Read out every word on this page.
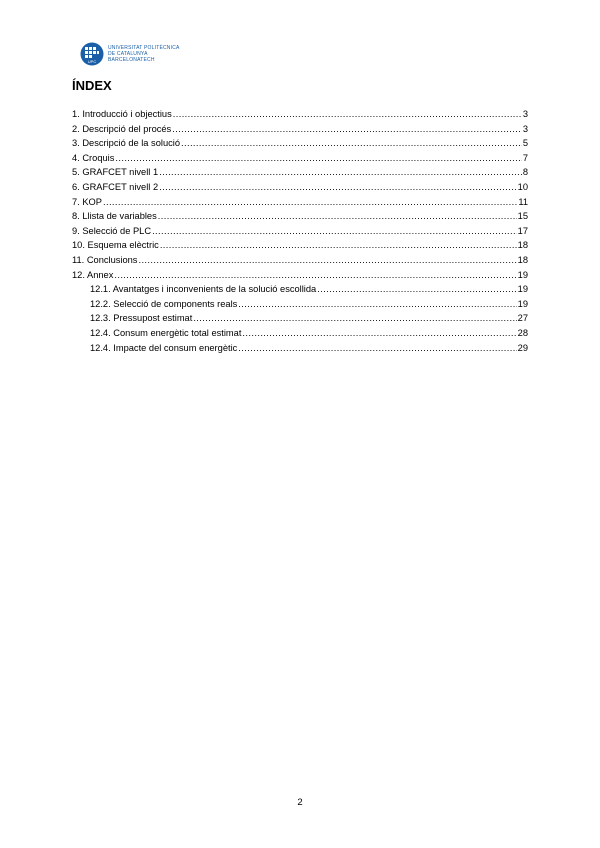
UPC
UNIVERSITAT POLITÈCNICA
DE CATALUNYA
BARCELONATECH
ÍNDEX
1. Introducció i objectius .....	3
2. Descripció del procés .....	3
3. Descripció de la solució .....	5
4. Croquis .....	7
5. GRAFCET nivell 1 .....	8
6. GRAFCET nivell 2 .....	10
7. KOP .....	11
8. Llista de variables .....	15
9. Selecció de PLC .....	17
10. Esquema elèctric .....	18
11. Conclusions .....	18
12. Annex .....	19
12.1. Avantatges i inconvenients de la solució escollida .....	19
12.2. Selecció de components reals .....	19
12.3. Pressupost estimat .....	27
12.4. Consum energètic total estimat .....	28
12.4. Impacte del consum energètic .....	29
2
